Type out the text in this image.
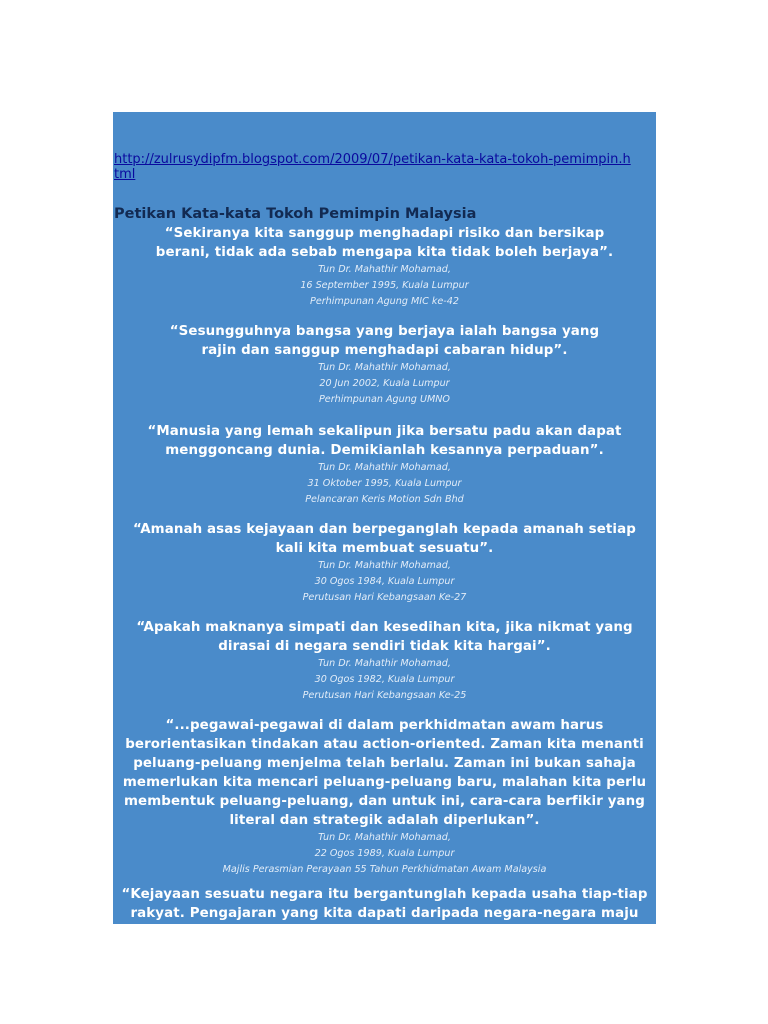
http://zulrusydipfm.blogspot.com/2009/07/petikan-kata-kata-tokoh-pemimpin.html
Petikan Kata-kata Tokoh Pemimpin Malaysia

“Sekiranya kita sanggup menghadapi risiko dan bersikap berani, tidak ada sebab mengapa kita tidak boleh berjaya”.

Tun Dr. Mahathir Mohamad,

16 September 1995, Kuala Lumpur

Perhimpunan Agung MIC ke-42

“Sesungguhnya bangsa yang berjaya ialah bangsa yang rajin dan sanggup menghadapi cabaran hidup”.

Tun Dr. Mahathir Mohamad,

20 Jun 2002, Kuala Lumpur

Perhimpunan Agung UMNO

“Manusia yang lemah sekalipun jika bersatu padu akan dapat menggoncang dunia. Demikianlah kesannya perpaduan”.

Tun Dr. Mahathir Mohamad,

31 Oktober 1995, Kuala Lumpur

Pelancaran Keris Motion Sdn Bhd

“Amanah asas kejayaan dan berpeganglah kepada amanah setiap kali kita membuat sesuatu”.

Tun Dr. Mahathir Mohamad,

30 Ogos 1984, Kuala Lumpur

Perutusan Hari Kebangsaan Ke-27

“Apakah maknanya simpati dan kesedihan kita, jika nikmat yang dirasai di negara sendiri tidak kita hargai”.

Tun Dr. Mahathir Mohamad,

30 Ogos 1982, Kuala Lumpur

Perutusan Hari Kebangsaan Ke-25

“...pegawai-pegawai di dalam perkhidmatan awam harus berorientasikan tindakan atau action-oriented. Zaman kita menanti peluang-peluang menjelma telah berlalu. Zaman ini bukan sahaja memerlukan kita mencari peluang-peluang baru, malahan kita perlu membentuk peluang-peluang, dan untuk ini, cara-cara berfikir yang literal dan strategik adalah diperlukan”.

Tun Dr. Mahathir Mohamad,

22 Ogos 1989, Kuala Lumpur

Majlis Perasmian Perayaan 55 Tahun Perkhidmatan Awam Malaysia

“Kejayaan sesuatu negara itu bergantunglah kepada usaha tiap-tiap rakyat. Pengajaran yang kita dapati daripada negara-negara maju menunjukkan iaitu
